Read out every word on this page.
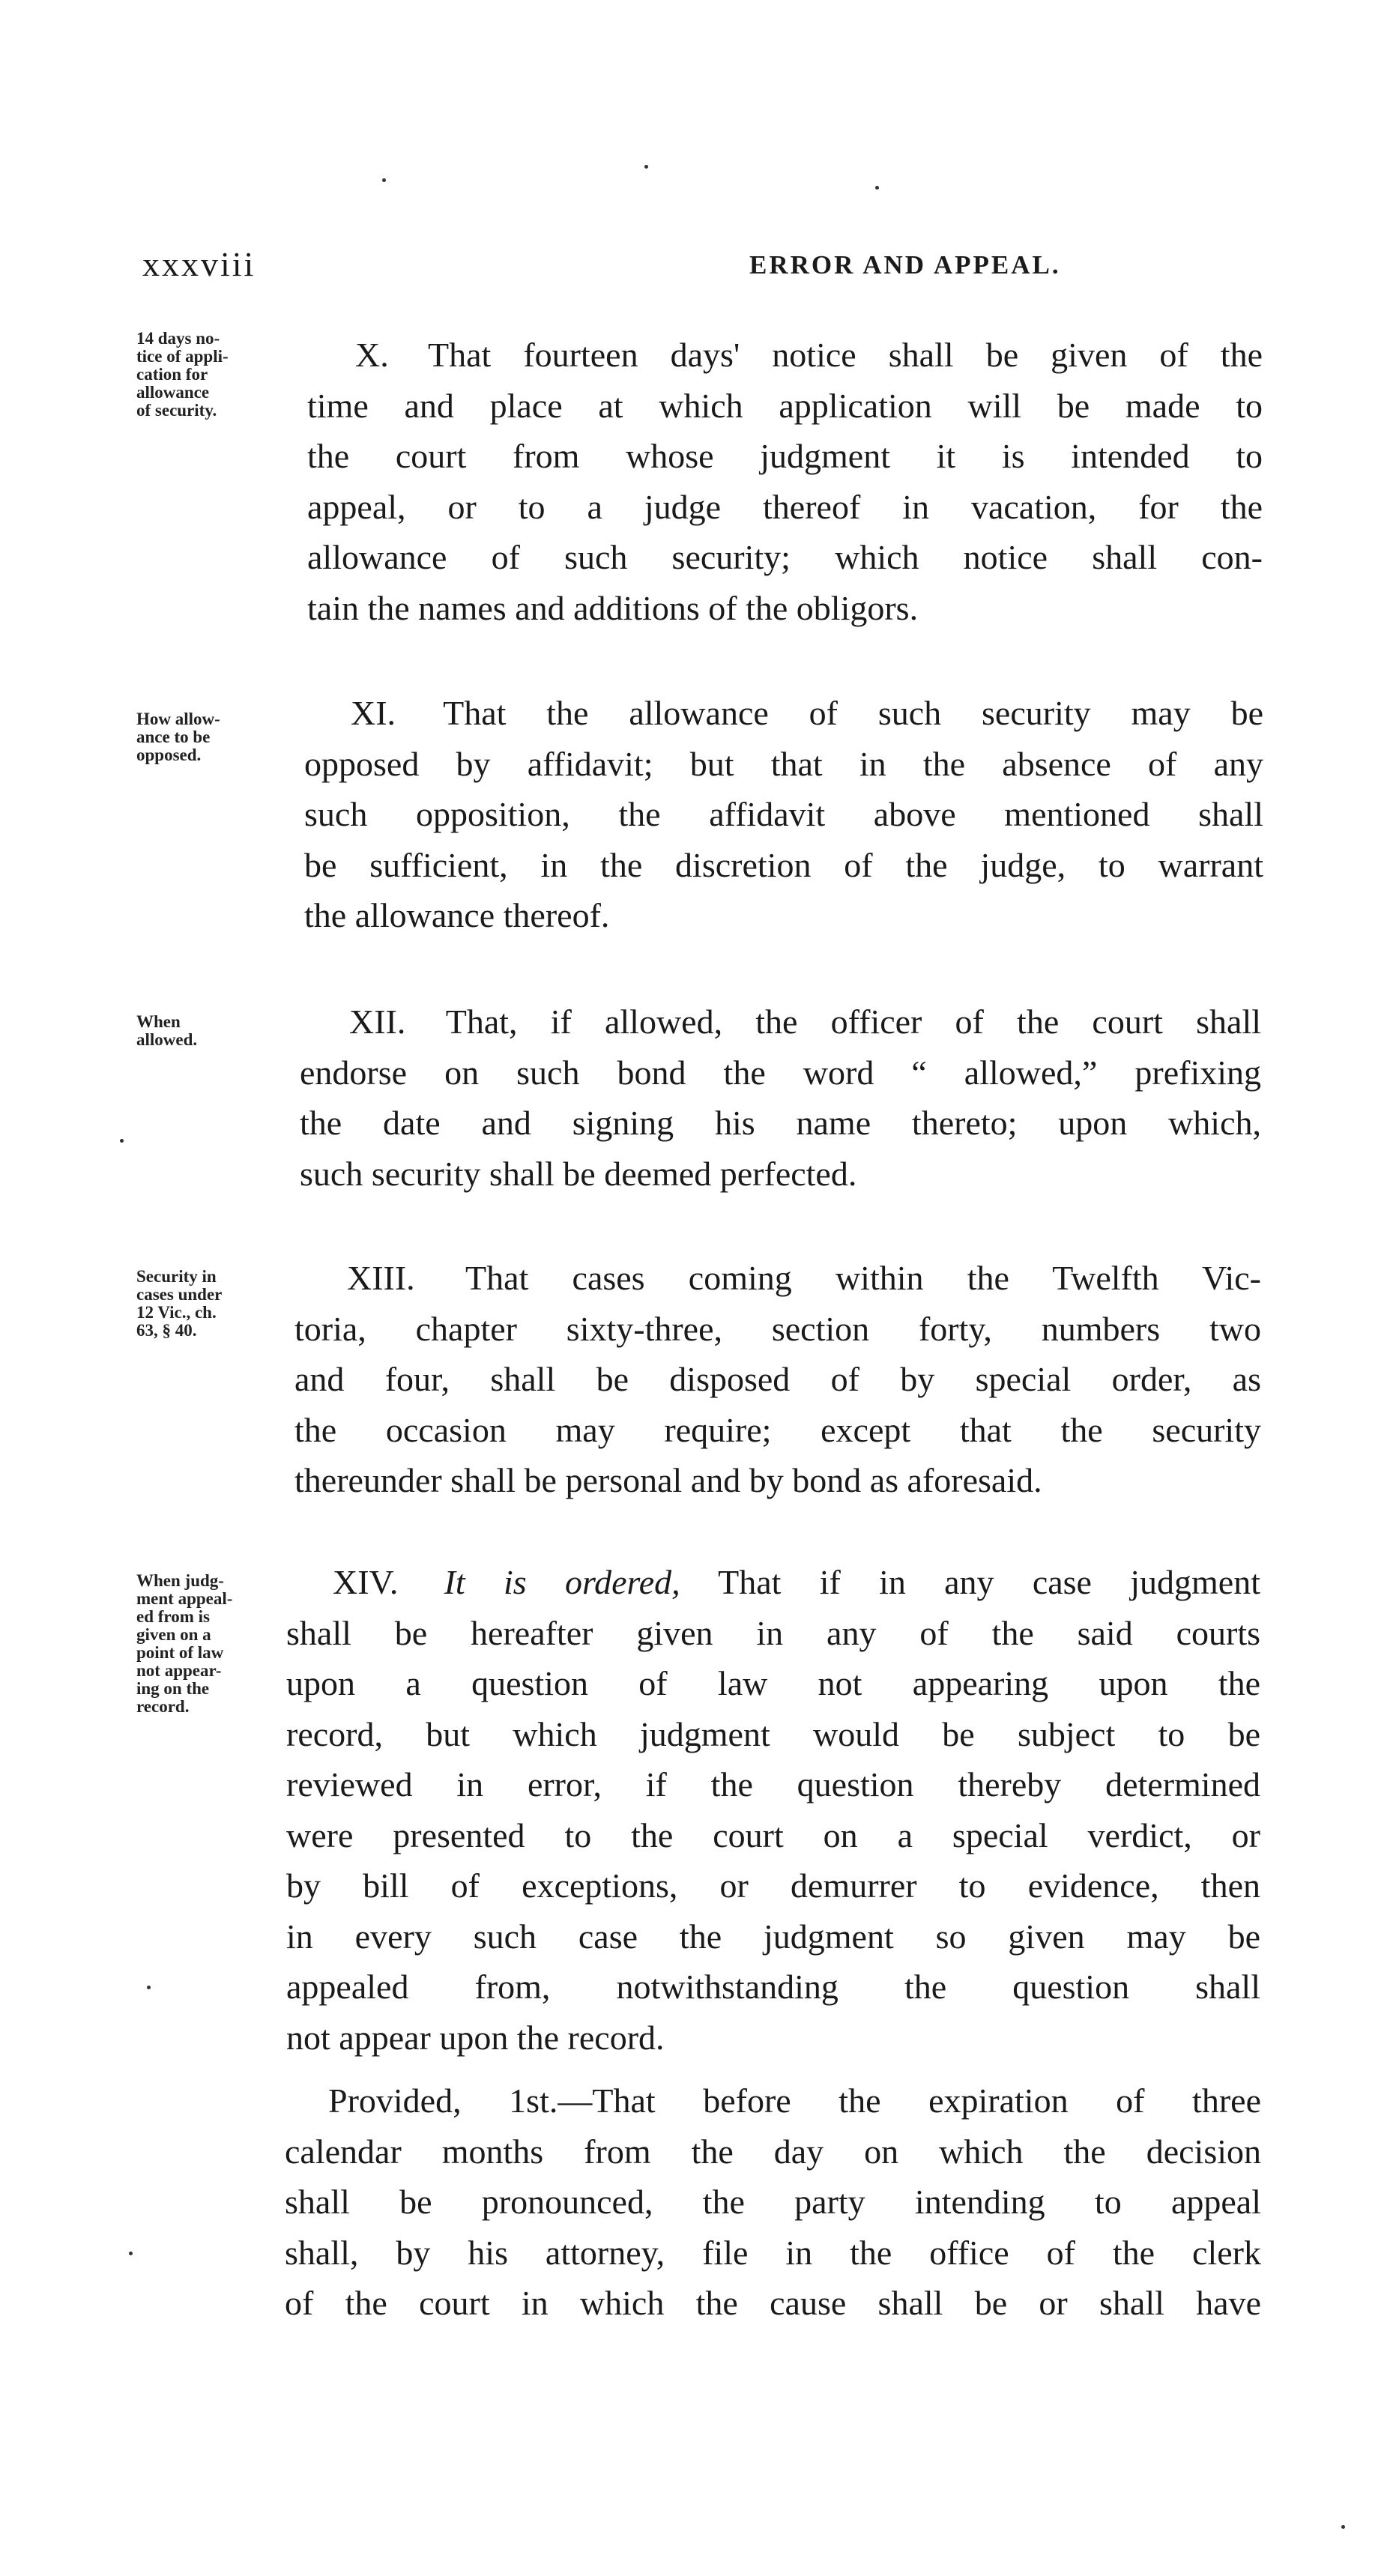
xxxviii	ERROR AND APPEAL.
14 days no-
tice of appli-
cation for
allowance
of security.
X. That fourteen days' notice shall be given of the
time and place at which application will be made to
the court from whose judgment it is intended to
appeal, or to a judge thereof in vacation, for the
allowance of such security; which notice shall con-
tain the names and additions of the obligors.
How allow-
ance to be
opposed.
XI. That the allowance of such security may be
opposed by affidavit; but that in the absence of any
such opposition, the affidavit above mentioned shall
be sufficient, in the discretion of the judge, to warrant
the allowance thereof.
When
allowed.	XII. That, if allowed, the officer of the court shall
endorse on such bond the word “ allowed,” prefixing
the date and signing his name thereto; upon which,
such security shall be deemed perfected.
Security in
cases under
12 Vic., ch.
63, § 40.
XIII. That cases coming within the Twelfth Vic-
toria, chapter sixty-three, section forty, numbers two
and four, shall be disposed of by special order, as
the occasion may require; except that the security
thereunder shall be personal and by bond as aforesaid.
When judg-
ment appeal-
ed from is
given on a
point of law
not appear-
ing on the
record.
XIV. It is ordered, That if in any case judgment
shall be hereafter given in any of the said courts
upon a question of law not appearing upon the
record, but which judgment would be subject to be
reviewed in error, if the question thereby determined
were presented to the court on a special verdict, or
by bill of exceptions, or demurrer to evidence, then
in every such case the judgment so given may be
appealed from, notwithstanding the question shall
not appear upon the record.
Provided, 1st.—That before the expiration of three
calendar months from the day on which the decision
shall be pronounced, the party intending to appeal
shall, by his attorney, file in the office of the clerk
of the court in which the cause shall be or shall have
